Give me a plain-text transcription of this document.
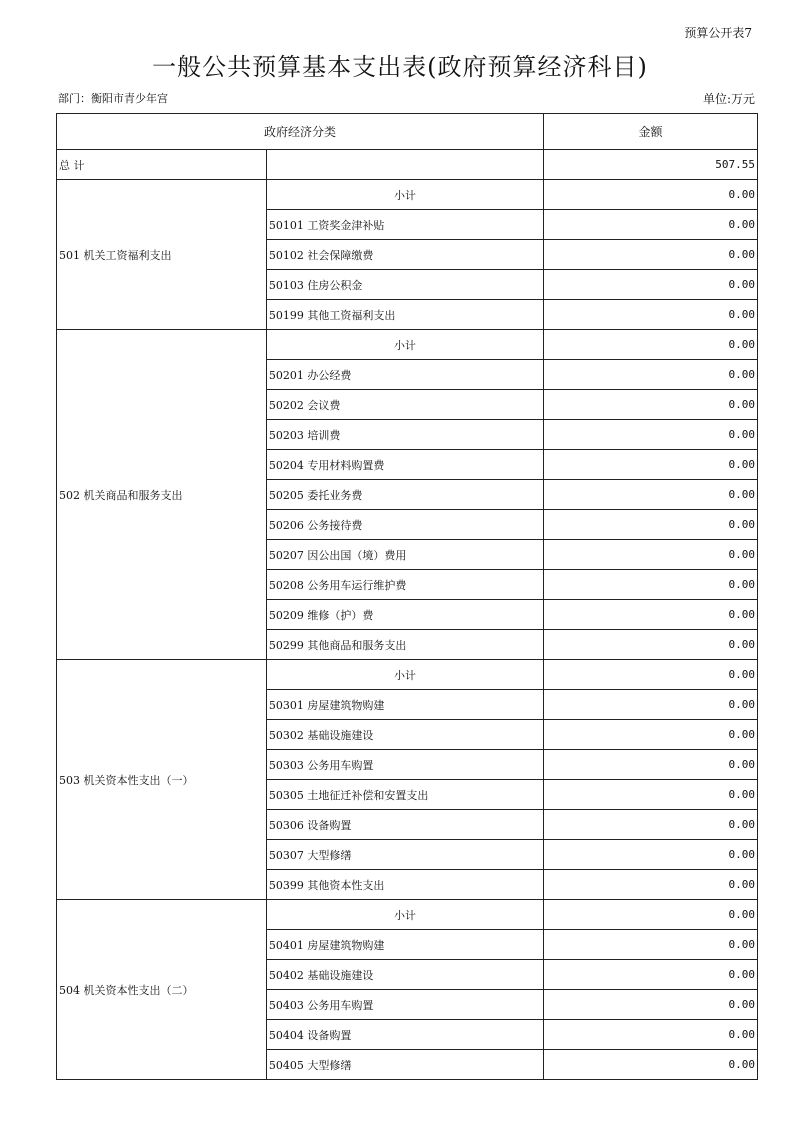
预算公开表7
一般公共预算基本支出表(政府预算经济科目)
部门：衡阳市青少年宫	单位:万元
政府经济分类		金额
总 计		507.55
501 机关工资福利支出	小计	0.00
	50101 工资奖金津补贴	0.00
	50102 社会保障缴费	0.00
	50103 住房公积金	0.00
	50199 其他工资福利支出	0.00
502 机关商品和服务支出	小计	0.00
	50201 办公经费	0.00
	50202 会议费	0.00
	50203 培训费	0.00
	50204 专用材料购置费	0.00
	50205 委托业务费	0.00
	50206 公务接待费	0.00
	50207 因公出国（境）费用	0.00
	50208 公务用车运行维护费	0.00
	50209 维修（护）费	0.00
	50299 其他商品和服务支出	0.00
503 机关资本性支出（一）	小计	0.00
	50301 房屋建筑物购建	0.00
	50302 基础设施建设	0.00
	50303 公务用车购置	0.00
	50305 土地征迁补偿和安置支出	0.00
	50306 设备购置	0.00
	50307 大型修缮	0.00
	50399 其他资本性支出	0.00
504 机关资本性支出（二）	小计	0.00
	50401 房屋建筑物购建	0.00
	50402 基础设施建设	0.00
	50403 公务用车购置	0.00
	50404 设备购置	0.00
	50405 大型修缮	0.00
